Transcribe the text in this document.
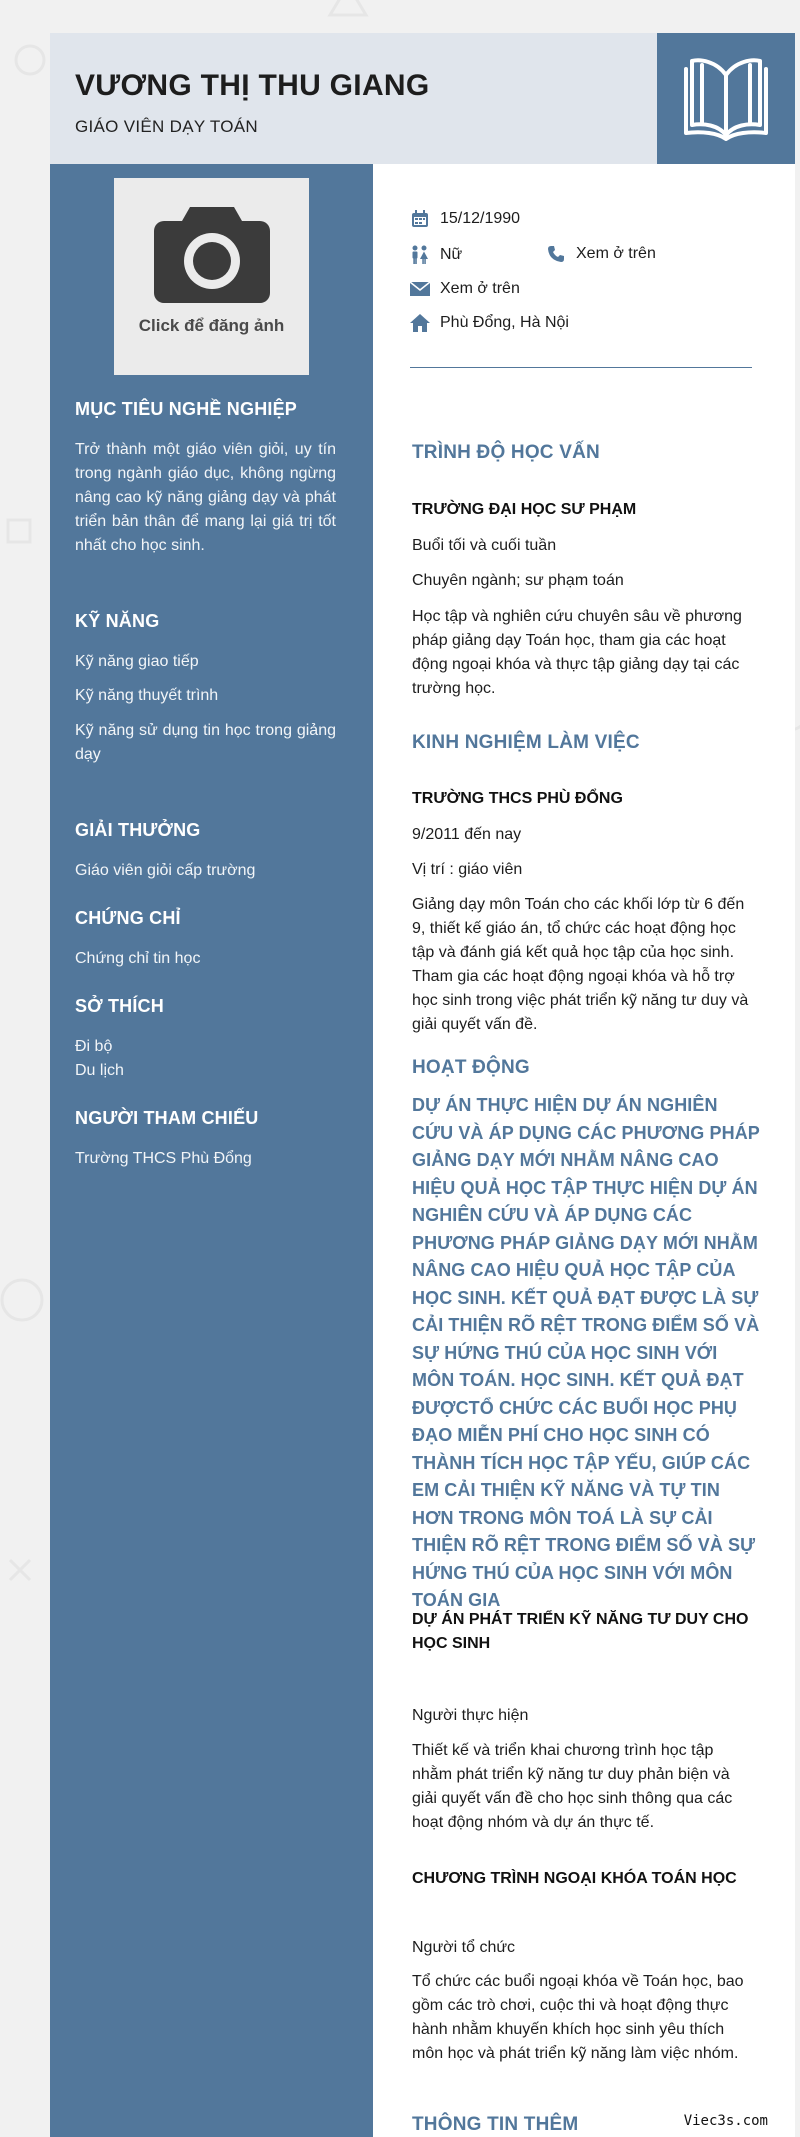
VƯƠNG THỊ THU GIANG
GIÁO VIÊN DẠY TOÁN
Click để đăng ảnh
MỤC TIÊU NGHỀ NGHIỆP
Trở thành một giáo viên giỏi, uy tín trong ngành giáo dục, không ngừng nâng cao kỹ năng giảng dạy và phát triển bản thân để mang lại giá trị tốt nhất cho học sinh.
KỸ NĂNG
Kỹ năng giao tiếp
Kỹ năng thuyết trình
Kỹ năng sử dụng tin học trong giảng dạy
GIẢI THƯỞNG
Giáo viên giỏi cấp trường
CHỨNG CHỈ
Chứng chỉ tin học
SỞ THÍCH
Đi bộ
Du lịch
NGƯỜI THAM CHIẾU
Trường THCS Phù Đổng
15/12/1990
Nữ	Xem ở trên
Xem ở trên
Phù Đổng, Hà Nội
TRÌNH ĐỘ HỌC VẤN
TRƯỜNG ĐẠI HỌC SƯ PHẠM
Buổi tối và cuối tuần
Chuyên ngành; sư phạm toán
Học tập và nghiên cứu chuyên sâu về phương pháp giảng dạy Toán học, tham gia các hoạt động ngoại khóa và thực tập giảng dạy tại các trường học.
KINH NGHIỆM LÀM VIỆC
TRƯỜNG THCS PHÙ ĐỔNG
9/2011 đến nay
Vị trí : giáo viên
Giảng dạy môn Toán cho các khối lớp từ 6 đến 9, thiết kế giáo án, tổ chức các hoạt động học tập và đánh giá kết quả học tập của học sinh. Tham gia các hoạt động ngoại khóa và hỗ trợ học sinh trong việc phát triển kỹ năng tư duy và giải quyết vấn đề.
HOẠT ĐỘNG
DỰ ÁN THỰC HIỆN DỰ ÁN NGHIÊN CỨU VÀ ÁP DỤNG CÁC PHƯƠNG PHÁP GIẢNG DẠY MỚI NHẰM NÂNG CAO HIỆU QUẢ HỌC TẬP THỰC HIỆN DỰ ÁN NGHIÊN CỨU VÀ ÁP DỤNG CÁC PHƯƠNG PHÁP GIẢNG DẠY MỚI NHẰM NÂNG CAO HIỆU QUẢ HỌC TẬP CỦA HỌC SINH. KẾT QUẢ ĐẠT ĐƯỢC LÀ SỰ CẢI THIỆN RÕ RỆT TRONG ĐIỂM SỐ VÀ SỰ HỨNG THÚ CỦA HỌC SINH VỚI MÔN TOÁN. HỌC SINH. KẾT QUẢ ĐẠT ĐƯỢCTỔ CHỨC CÁC BUỔI HỌC PHỤ ĐẠO MIỄN PHÍ CHO HỌC SINH CÓ THÀNH TÍCH HỌC TẬP YẾU, GIÚP CÁC EM CẢI THIỆN KỸ NĂNG VÀ TỰ TIN HƠN TRONG MÔN TOÁ LÀ SỰ CẢI THIỆN RÕ RỆT TRONG ĐIỂM SỐ VÀ SỰ HỨNG THÚ CỦA HỌC SINH VỚI MÔN TOÁN GIA
DỰ ÁN PHÁT TRIỂN KỸ NĂNG TƯ DUY CHO HỌC SINH
Người thực hiện
Thiết kế và triển khai chương trình học tập nhằm phát triển kỹ năng tư duy phản biện và giải quyết vấn đề cho học sinh thông qua các hoạt động nhóm và dự án thực tế.
CHƯƠNG TRÌNH NGOẠI KHÓA TOÁN HỌC
Người tổ chức
Tổ chức các buổi ngoại khóa về Toán học, bao gồm các trò chơi, cuộc thi và hoạt động thực hành nhằm khuyến khích học sinh yêu thích môn học và phát triển kỹ năng làm việc nhóm.
THÔNG TIN THÊM	Viec3s.com
